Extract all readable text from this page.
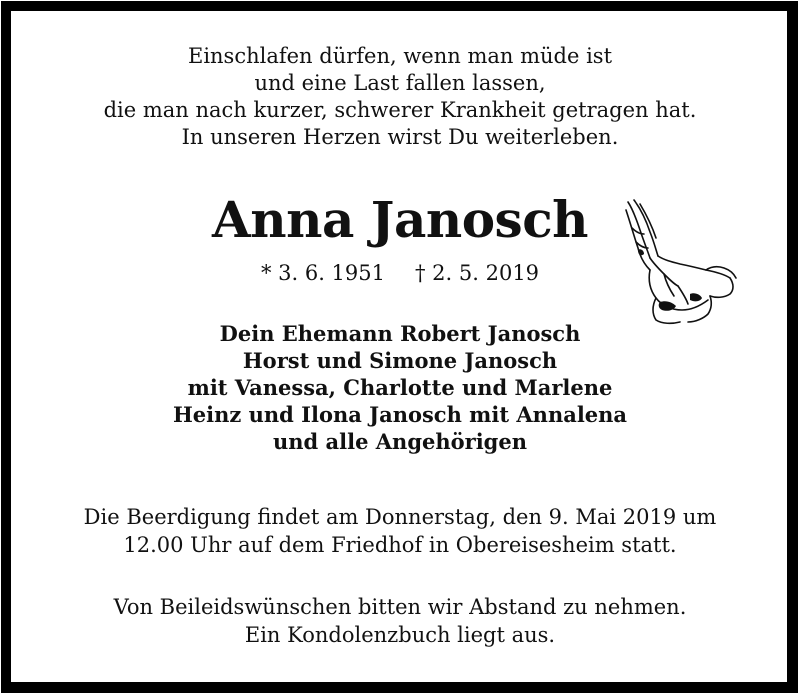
Einschlafen dürfen, wenn man müde ist
und eine Last fallen lassen,
die man nach kurzer, schwerer Krankheit getragen hat.
In unseren Herzen wirst Du weiterleben.
Anna Janosch
* 3. 6. 1951 † 2. 5. 2019
Dein Ehemann Robert Janosch
Horst und Simone Janosch
mit Vanessa, Charlotte und Marlene
Heinz und Ilona Janosch mit Annalena
und alle Angehörigen
Die Beerdigung findet am Donnerstag, den 9. Mai 2019 um
12.00 Uhr auf dem Friedhof in Obereisesheim statt.
Von Beileidswünschen bitten wir Abstand zu nehmen.
Ein Kondolenzbuch liegt aus.
